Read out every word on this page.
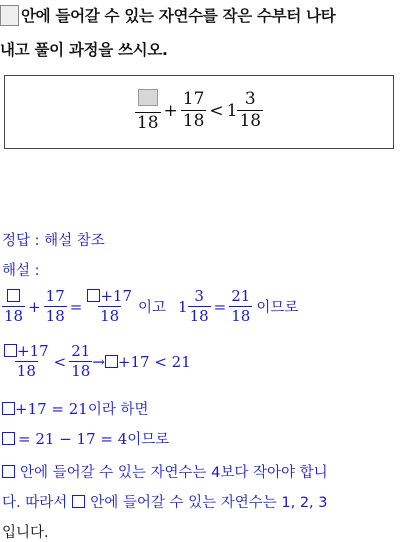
안에 들어갈 수 있는 자연수를 작은 수부터 나타
내고 풀이 과정을 쓰시오.
18
+ $\frac{17}{18} < 1 \frac{3}{18}$
정답 : 해설 참조
해설 :
18
+ $\frac{17}{18} = \frac{+17}{18}$ 이고 $1 \frac{3}{18} = \frac{21}{18}$ 이므로
$\frac{+17}{18} < \frac{21}{18} \to +17 < 21$
+17 = 21 이라 하면
= 21 − 17 = 4 이므로
안에 들어갈 수 있는 자연수는 4보다 작아야 합니
다. 따라서 안에 들어갈 수 있는 자연수는 1, 2, 3
입니다.
